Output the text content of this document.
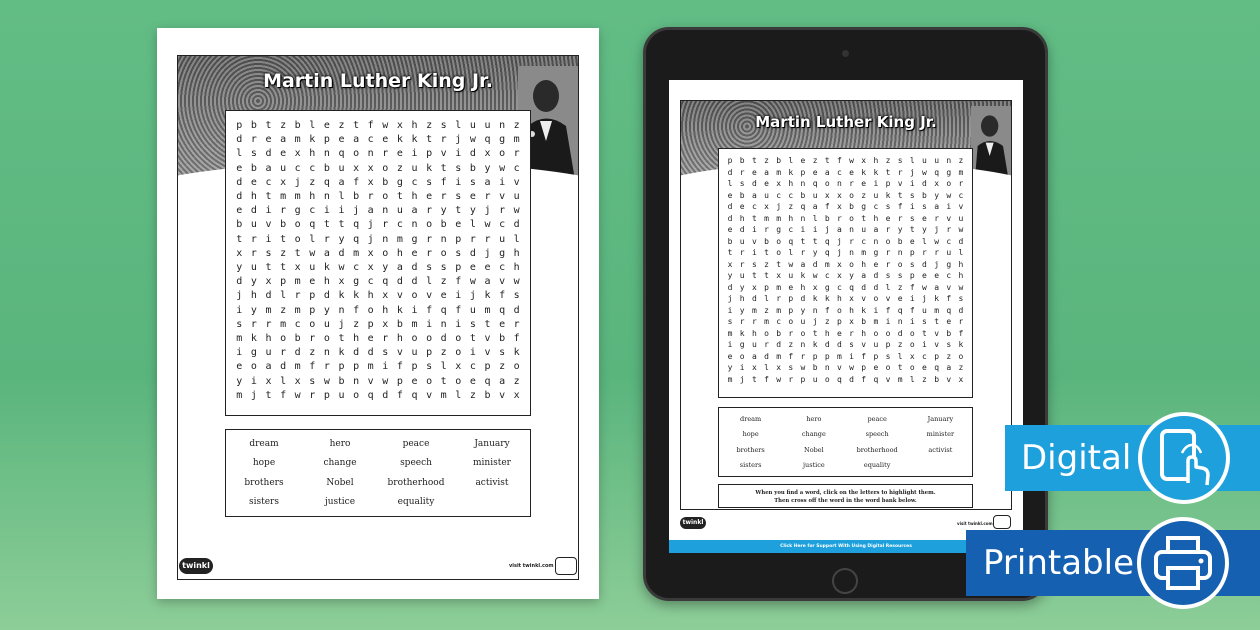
Martin Luther King Jr.
p b t z b l e z t f w x h z s l u u n z
d r e a m k p e a c e k k t r j w q g m
l s d e x h n q o n r e i p v i d x o r
e b a u c c b u x x o z u k t s b y w c
d e c x j z q a f x b g c s f i s a i v
d h t m m h n l b r o t h e r s e r v u
e d i r g c i i j a n u a r y t y j r w
b u v b o q t t q j r c n o b e l w c d
t r i t o l r y q j n m g r n p r r u l
x r s z t w a d m x o h e r o s d j g h
y u t t x u k w c x y a d s s p e e c h
d y x p m e h x g c q d d l z f w a v w
j h d l r p d k k h x v o v e i j k f s
i y m z m p y n f o h k i f q f u m q d
s r r m c o u j z p x b m i n i s t e r
m k h o b r o t h e r h o o d o t v b f
i g u r d z n k d d s v u p z o i v s k
e o a d m f r p p m i f p s l x c p z o
y i x l x s w b n v w p e o t o e q a z
m j t f w r p u o q d f q v m l z b v x
dream	hero	peace	January
hope	change	speech	minister
brothers	Nobel	brotherhood	activist
sisters	justice	equality
twinkl	visit twinkl.com
Martin Luther King Jr.
p b t z b l e z t f w x h z s l u u n z
d r e a m k p e a c e k k t r j w q g m
l s d e x h n q o n r e i p v i d x o r
e b a u c c b u x x o z u k t s b y w c
d e c x j z q a f x b g c s f i s a i v
d h t m m h n l b r o t h e r s e r v u
e d i r g c i i j a n u a r y t y j r w
b u v b o q t t q j r c n o b e l w c d
t r i t o l r y q j n m g r n p r r u l
x r s z t w a d m x o h e r o s d j g h
y u t t x u k w c x y a d s s p e e c h
d y x p m e h x g c q d d l z f w a v w
j h d l r p d k k h x v o v e i j k f s
i y m z m p y n f o h k i f q f u m q d
s r r m c o u j z p x b m i n i s t e r
m k h o b r o t h e r h o o d o t v b f
i g u r d z n k d d s v u p z o i v s k
e o a d m f r p p m i f p s l x c p z o
y i x l x s w b n v w p e o t o e q a z
m j t f w r p u o q d f q v m l z b v x
dream	hero	peace	January
hope	change	speech	minister
brothers	Nobel	brotherhood	activist
sisters	justice	equality
When you find a word, click on the letters to highlight them.
Then cross off the word in the word bank below.
twinkl	visit twinkl.com
Click Here for Support With Using Digital Resources
Digital
Printable
